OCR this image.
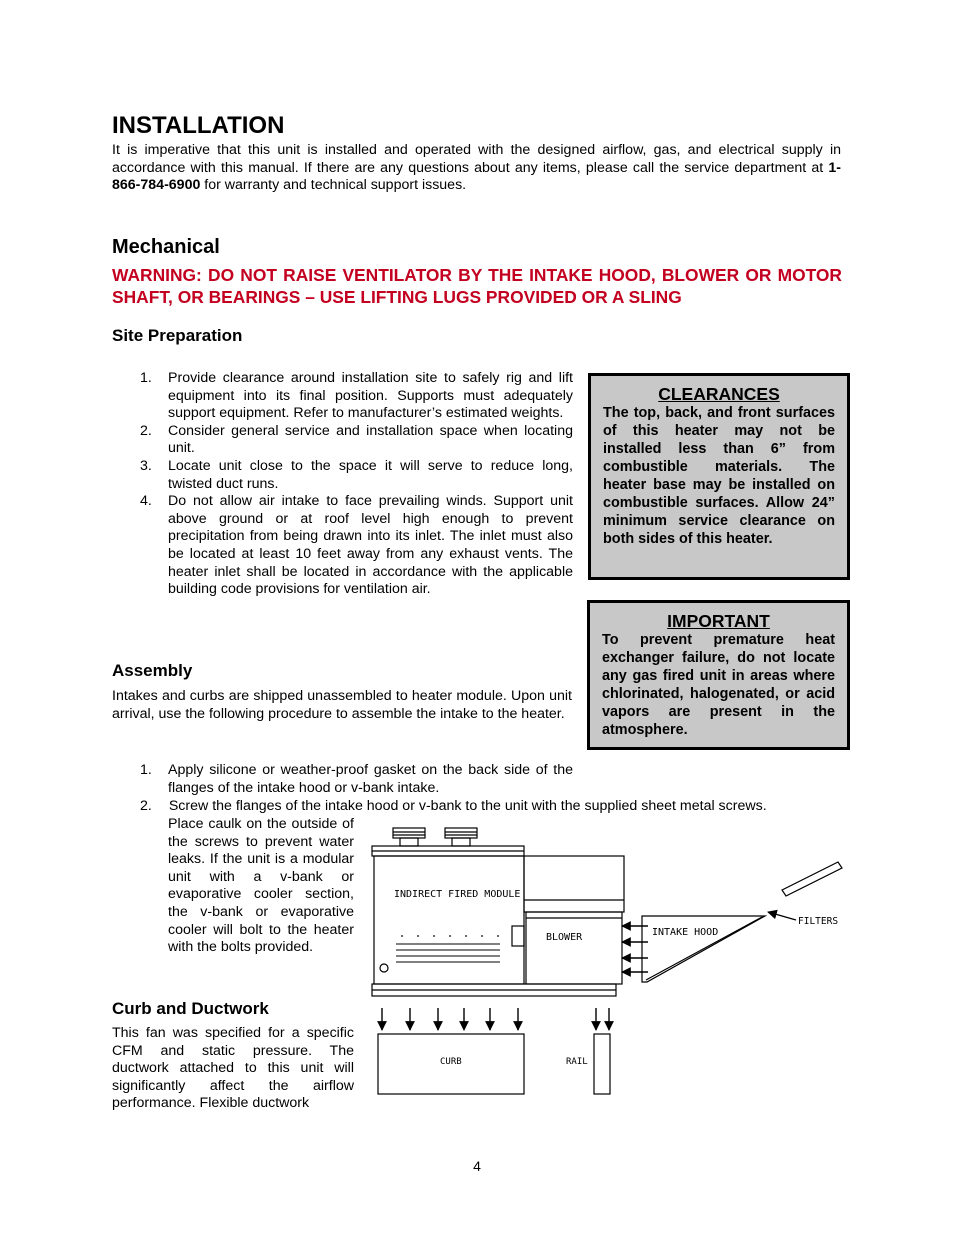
INSTALLATION
It is imperative that this unit is installed and operated with the designed airflow, gas, and electrical supply in accordance with this manual. If there are any questions about any items, please call the service department at 1-866-784-6900 for warranty and technical support issues.
Mechanical
WARNING: DO NOT RAISE VENTILATOR BY THE INTAKE HOOD, BLOWER OR MOTOR SHAFT, OR BEARINGS – USE LIFTING LUGS PROVIDED OR A SLING
Site Preparation
1. Provide clearance around installation site to safely rig and lift equipment into its final position. Supports must adequately support equipment. Refer to manufacturer’s estimated weights.
2. Consider general service and installation space when locating unit.
3. Locate unit close to the space it will serve to reduce long, twisted duct runs.
4. Do not allow air intake to face prevailing winds. Support unit above ground or at roof level high enough to prevent precipitation from being drawn into its inlet. The inlet must also be located at least 10 feet away from any exhaust vents. The heater inlet shall be located in accordance with the applicable building code provisions for ventilation air.
CLEARANCES
The top, back, and front surfaces of this heater may not be installed less than 6” from combustible materials. The heater base may be installed on combustible surfaces. Allow 24” minimum service clearance on both sides of this heater.
IMPORTANT
To prevent premature heat exchanger failure, do not locate any gas fired unit in areas where chlorinated, halogenated, or acid vapors are present in the atmosphere.
Assembly
Intakes and curbs are shipped unassembled to heater module. Upon unit arrival, use the following procedure to assemble the intake to the heater.
1.	Apply silicone or weather-proof gasket on the back side of the flanges of the intake hood or v-bank intake.
2. Screw the flanges of the intake hood or v-bank to the unit with the supplied sheet metal screws.
Place caulk on the outside of the screws to prevent water leaks. If the unit is a modular unit with a v-bank or evaporative cooler section, the v-bank or evaporative cooler will bolt to the heater with the bolts provided.
Curb and Ductwork
This fan was specified for a specific CFM and static pressure. The ductwork attached to this unit will significantly affect the airflow performance. Flexible ductwork
INDIRECT FIRED MODULE
BLOWER	INTAKE HOOD
FILTERS
CURB	RAIL
4
